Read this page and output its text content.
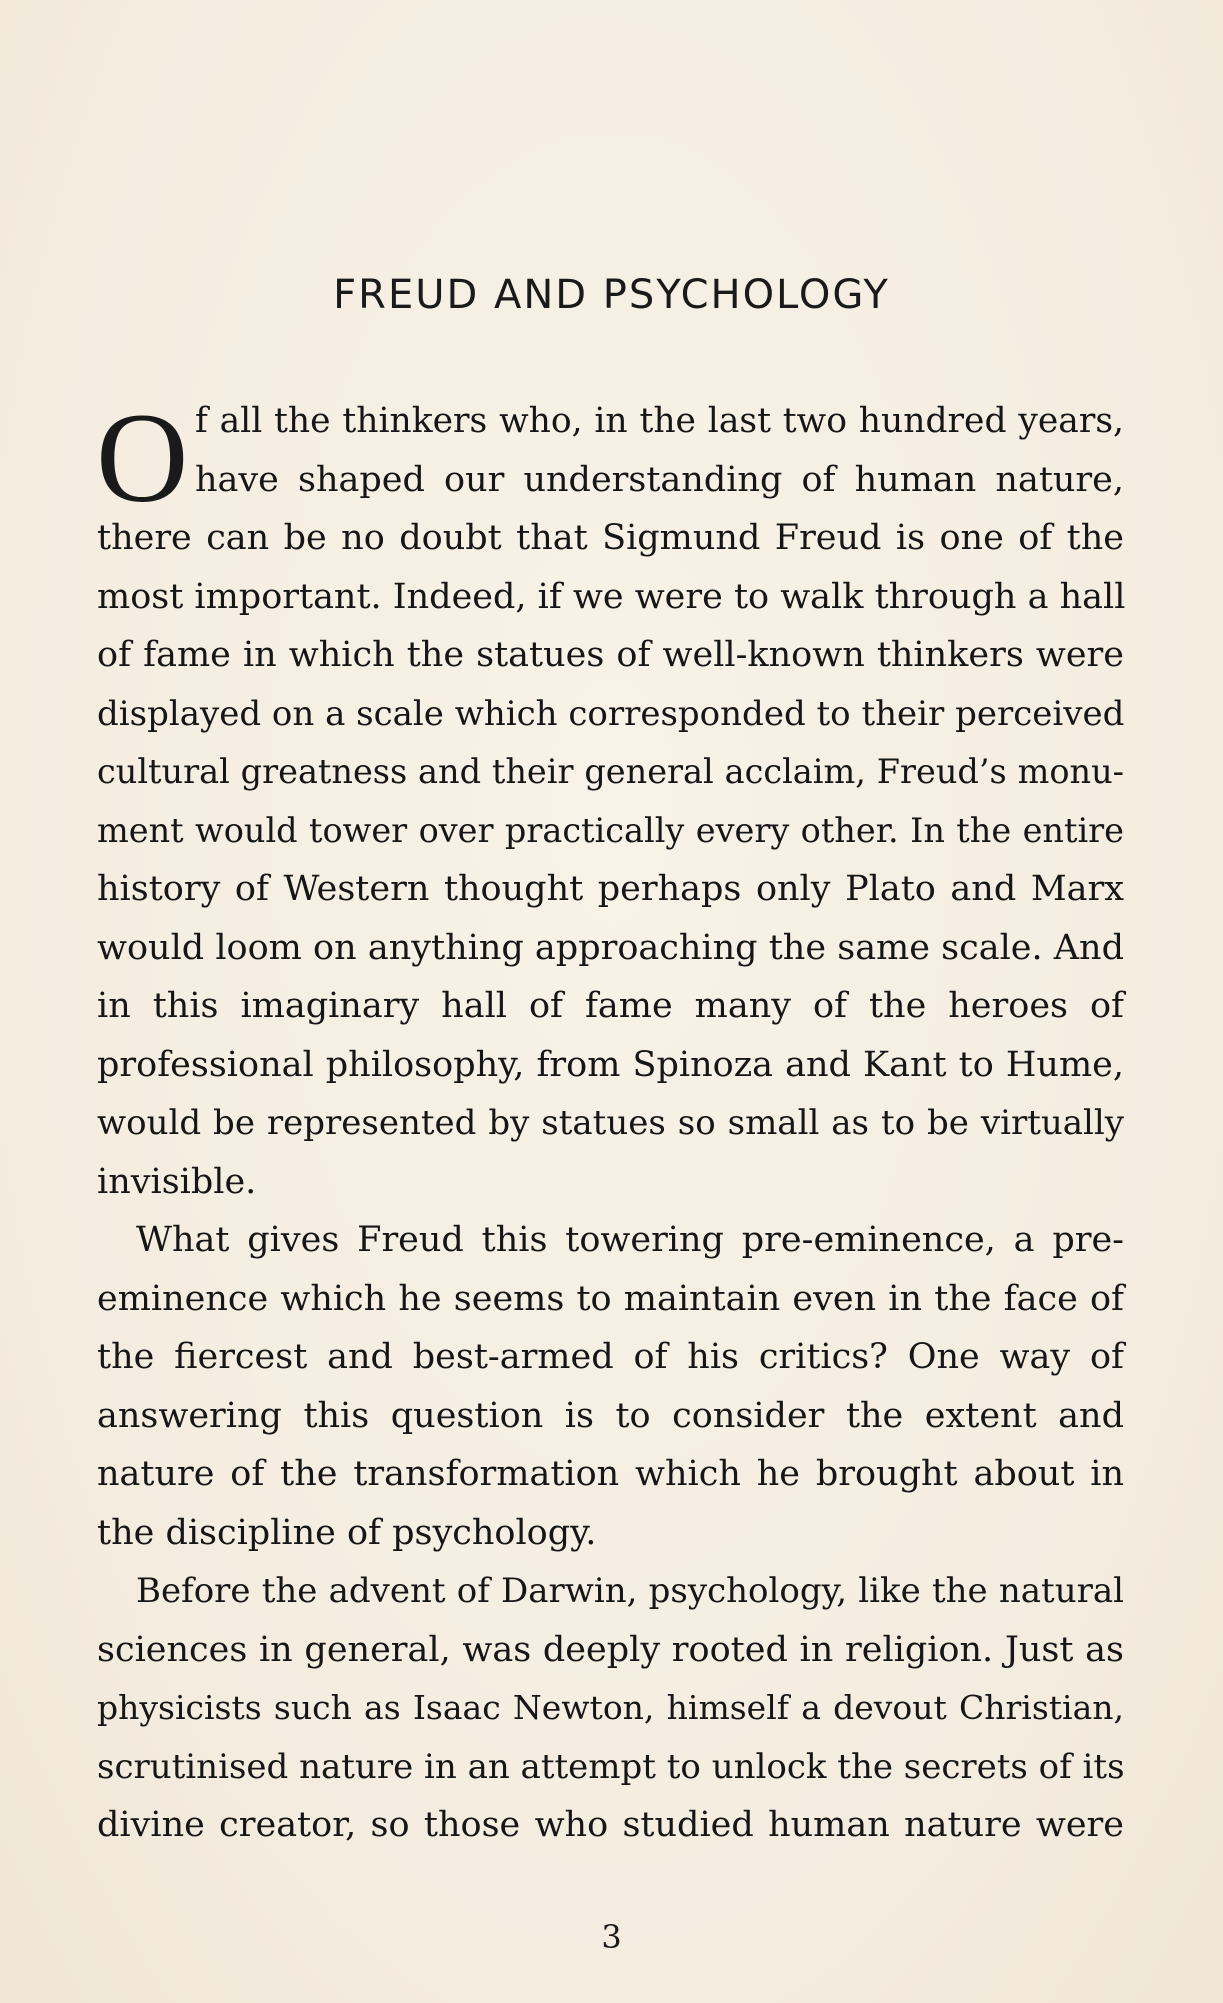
FREUD AND PSYCHOLOGY
O f all the thinkers who, in the last two hundred years,
have shaped our understanding of human nature,
there can be no doubt that Sigmund Freud is one of the
most important. Indeed, if we were to walk through a hall
of fame in which the statues of well-known thinkers were
displayed on a scale which corresponded to their perceived
cultural greatness and their general acclaim, Freud’s monu-
ment would tower over practically every other. In the entire
history of Western thought perhaps only Plato and Marx
would loom on anything approaching the same scale. And
in this imaginary hall of fame many of the heroes of
professional philosophy, from Spinoza and Kant to Hume,
would be represented by statues so small as to be virtually
invisible.
What gives Freud this towering pre-eminence, a pre-
eminence which he seems to maintain even in the face of
the fiercest and best-armed of his critics? One way of
answering this question is to consider the extent and
nature of the transformation which he brought about in
the discipline of psychology.
Before the advent of Darwin, psychology, like the natural
sciences in general, was deeply rooted in religion. Just as
physicists such as Isaac Newton, himself a devout Christian,
scrutinised nature in an attempt to unlock the secrets of its
divine creator, so those who studied human nature were
3
